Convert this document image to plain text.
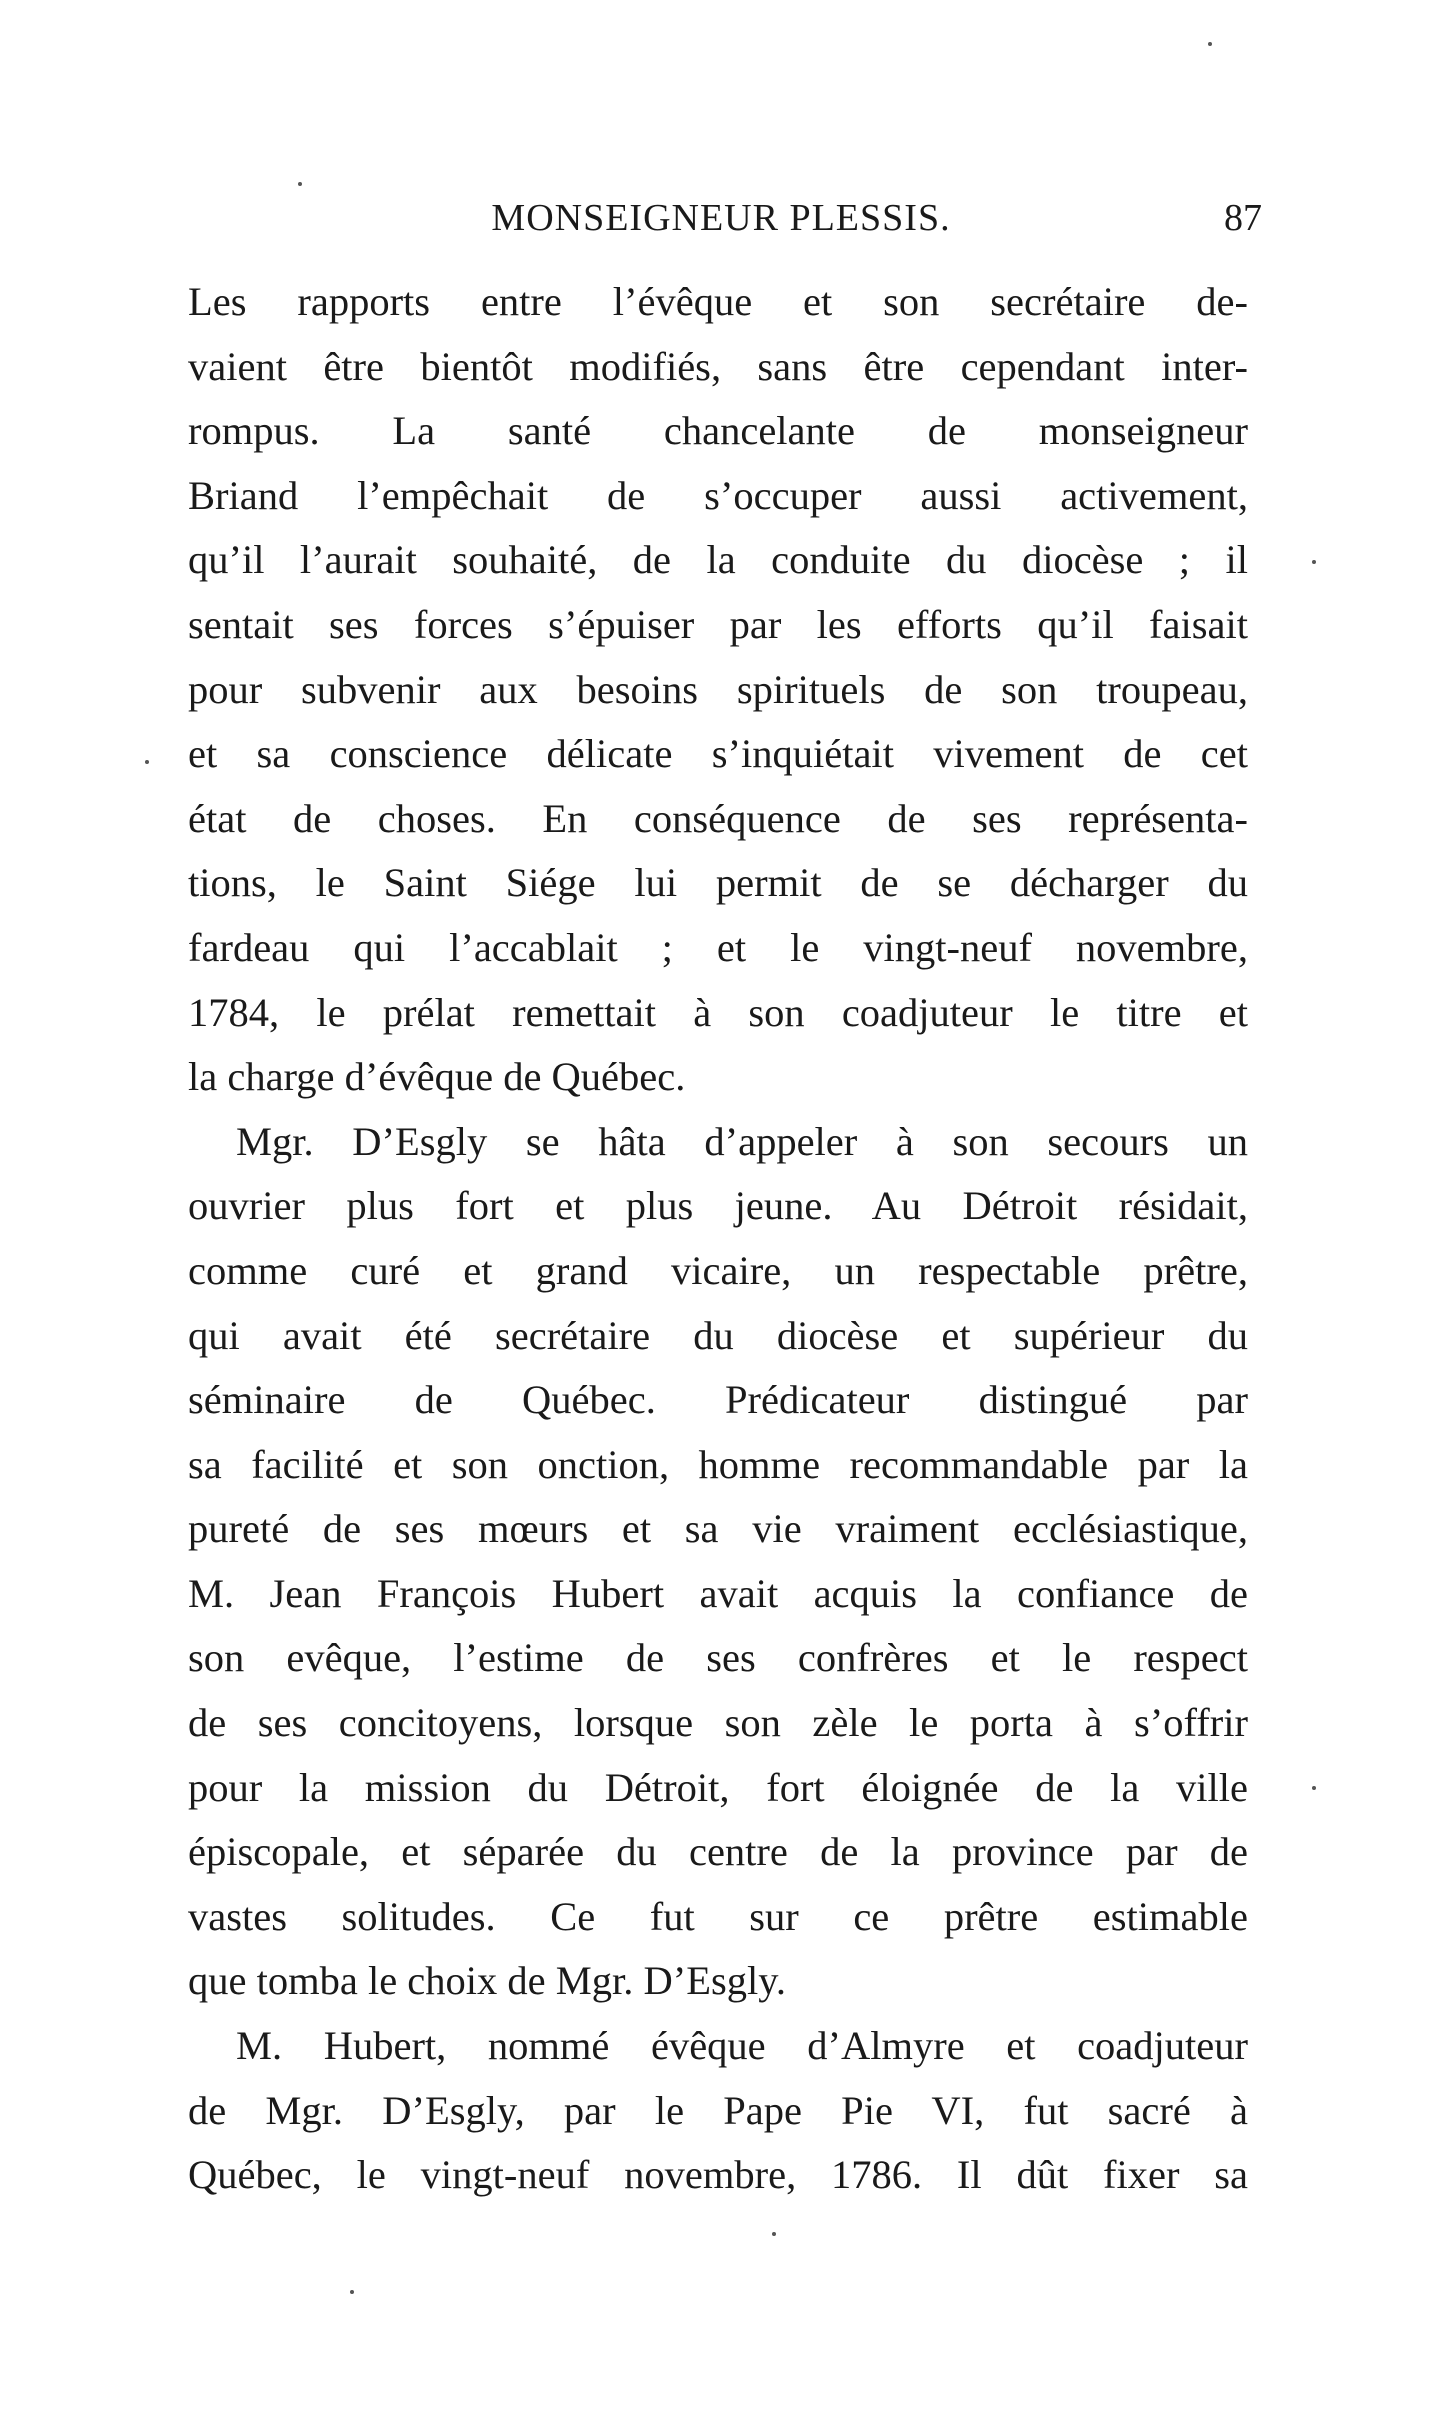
MONSEIGNEUR PLESSIS.	87
Les rapports entre l’évêque et son secrétaire de-
vaient être bientôt modifiés, sans être cependant inter-
rompus. La santé chancelante de monseigneur
Briand l’empêchait de s’occuper aussi activement,
qu’il l’aurait souhaité, de la conduite du diocèse ; il
sentait ses forces s’épuiser par les efforts qu’il faisait
pour subvenir aux besoins spirituels de son troupeau,
et sa conscience délicate s’inquiétait vivement de cet
état de choses. En conséquence de ses représenta-
tions, le Saint Siége lui permit de se décharger du
fardeau qui l’accablait ; et le vingt-neuf novembre,
1784, le prélat remettait à son coadjuteur le titre et
la charge d’évêque de Québec.
Mgr. D’Esgly se hâta d’appeler à son secours un
ouvrier plus fort et plus jeune. Au Détroit résidait,
comme curé et grand vicaire, un respectable prêtre,
qui avait été secrétaire du diocèse et supérieur du
séminaire de Québec. Prédicateur distingué par
sa facilité et son onction, homme recommandable par la
pureté de ses mœurs et sa vie vraiment ecclésiastique,
M. Jean François Hubert avait acquis la confiance de
son evêque, l’estime de ses confrères et le respect
de ses concitoyens, lorsque son zèle le porta à s’offrir
pour la mission du Détroit, fort éloignée de la ville
épiscopale, et séparée du centre de la province par de
vastes solitudes. Ce fut sur ce prêtre estimable
que tomba le choix de Mgr. D’Esgly.
M. Hubert, nommé évêque d’Almyre et coadjuteur
de Mgr. D’Esgly, par le Pape Pie VI, fut sacré à
Québec, le vingt-neuf novembre, 1786. Il dût fixer sa
